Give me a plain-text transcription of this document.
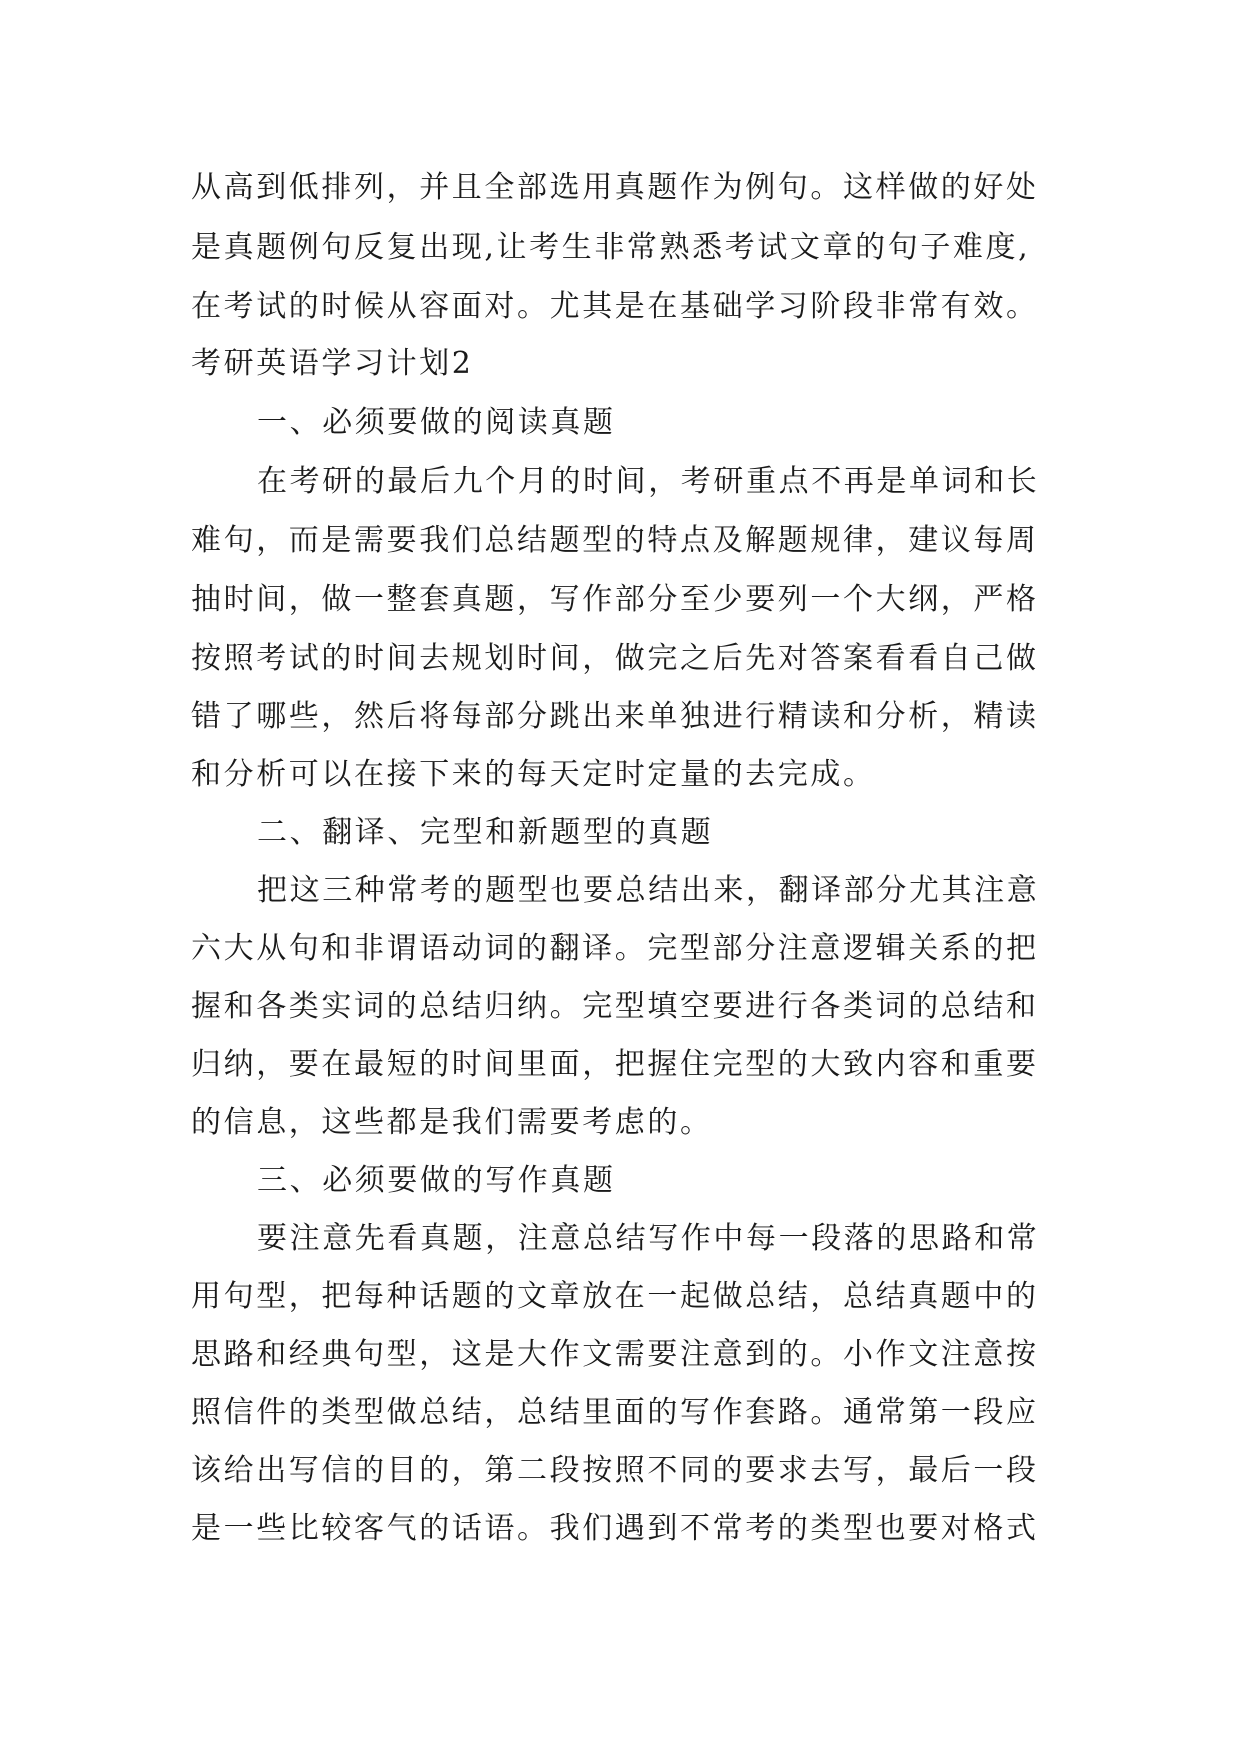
从高到低排列，并且全部选用真题作为例句。这样做的好处
是真题例句反复出现,让考生非常熟悉考试文章的句子难度,
在考试的时候从容面对。尤其是在基础学习阶段非常有效。
考研英语学习计划2
一、必须要做的阅读真题
在考研的最后九个月的时间，考研重点不再是单词和长
难句，而是需要我们总结题型的特点及解题规律，建议每周
抽时间，做一整套真题，写作部分至少要列一个大纲，严格
按照考试的时间去规划时间，做完之后先对答案看看自己做
错了哪些，然后将每部分跳出来单独进行精读和分析，精读
和分析可以在接下来的每天定时定量的去完成。
二、翻译、完型和新题型的真题
把这三种常考的题型也要总结出来，翻译部分尤其注意
六大从句和非谓语动词的翻译。完型部分注意逻辑关系的把
握和各类实词的总结归纳。完型填空要进行各类词的总结和
归纳，要在最短的时间里面，把握住完型的大致内容和重要
的信息，这些都是我们需要考虑的。
三、必须要做的写作真题
要注意先看真题，注意总结写作中每一段落的思路和常
用句型，把每种话题的文章放在一起做总结，总结真题中的
思路和经典句型，这是大作文需要注意到的。小作文注意按
照信件的类型做总结，总结里面的写作套路。通常第一段应
该给出写信的目的，第二段按照不同的要求去写，最后一段
是一些比较客气的话语。我们遇到不常考的类型也要对格式
